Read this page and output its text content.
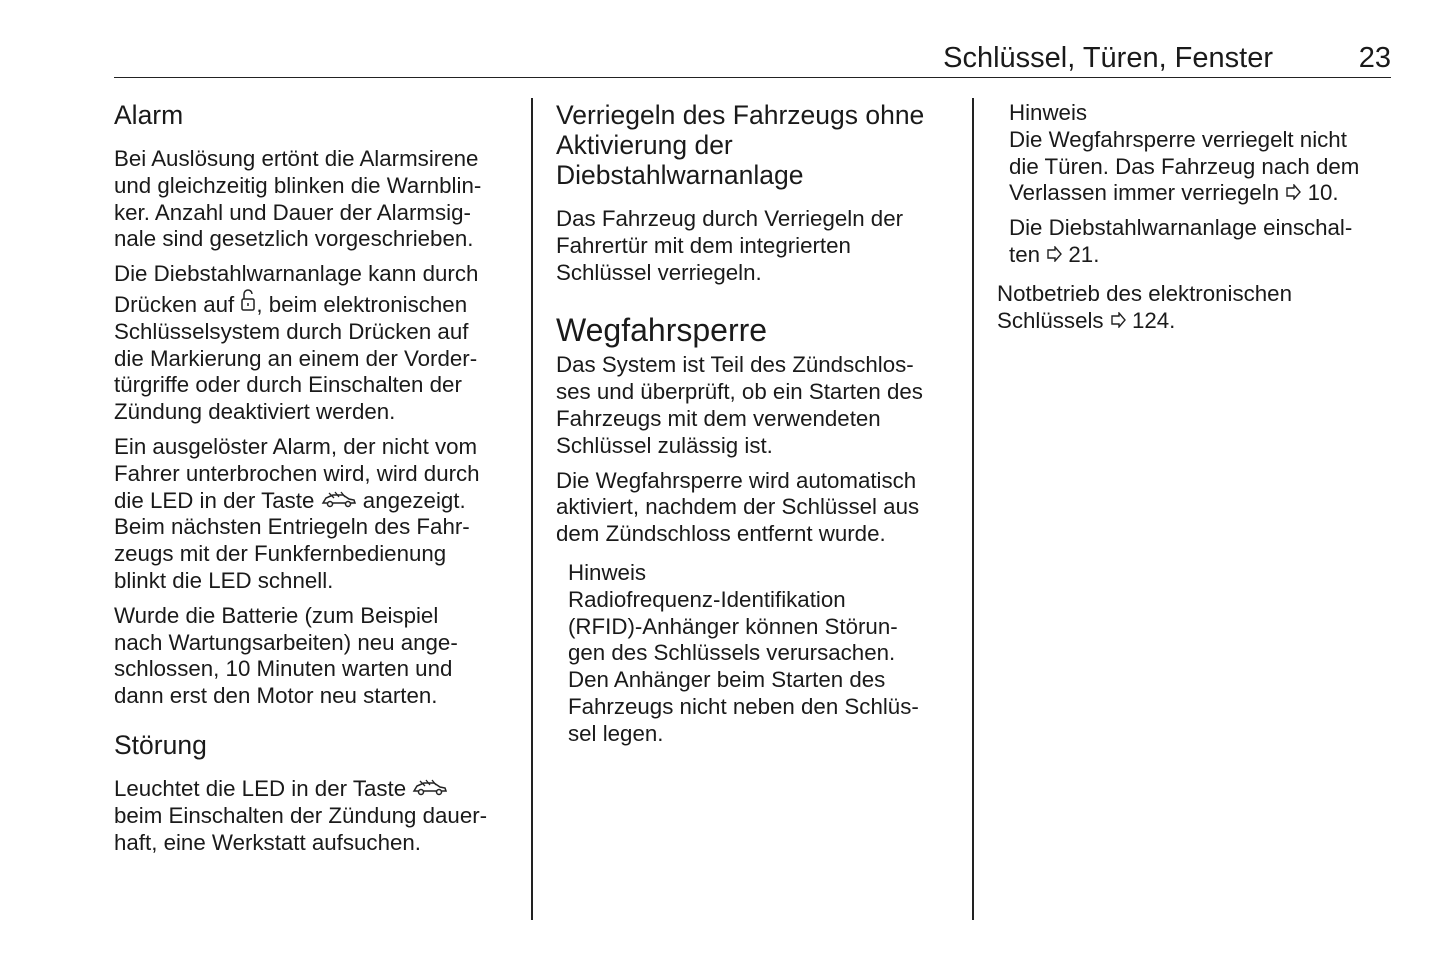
Schlüssel, Türen, Fenster	23
Alarm

Bei Auslösung ertönt die Alarmsirene
und gleichzeitig blinken die Warnblin-
ker. Anzahl und Dauer der Alarmsig-
nale sind gesetzlich vorgeschrieben.

Die Diebstahlwarnanlage kann durch
Drücken auf , beim elektronischen
Schlüsselsystem durch Drücken auf
die Markierung an einem der Vorder-
türgriffe oder durch Einschalten der
Zündung deaktiviert werden.

Ein ausgelöster Alarm, der nicht vom
Fahrer unterbrochen wird, wird durch
die LED in der Taste angezeigt.
Beim nächsten Entriegeln des Fahr-
zeugs mit der Funkfernbedienung
blinkt die LED schnell.

Wurde die Batterie (zum Beispiel
nach Wartungsarbeiten) neu ange-
schlossen, 10 Minuten warten und
dann erst den Motor neu starten.

Störung

Leuchtet die LED in der Taste
beim Einschalten der Zündung dauer-
haft, eine Werkstatt aufsuchen.

Verriegeln des Fahrzeugs ohne
Aktivierung der
Diebstahlwarnanlage

Das Fahrzeug durch Verriegeln der
Fahrertür mit dem integrierten
Schlüssel verriegeln.

Wegfahrsperre

Das System ist Teil des Zündschlos-
ses und überprüft, ob ein Starten des
Fahrzeugs mit dem verwendeten
Schlüssel zulässig ist.

Die Wegfahrsperre wird automatisch
aktiviert, nachdem der Schlüssel aus
dem Zündschloss entfernt wurde.

Hinweis

Radiofrequenz-Identifikation
(RFID)-Anhänger können Störun-
gen des Schlüssels verursachen.
Den Anhänger beim Starten des
Fahrzeugs nicht neben den Schlüs-
sel legen.

Hinweis

Die Wegfahrsperre verriegelt nicht
die Türen. Das Fahrzeug nach dem
Verlassen immer verriegeln 10.

Die Diebstahlwarnanlage einschal-
ten 21.

Notbetrieb des elektronischen
Schlüssels 124.
